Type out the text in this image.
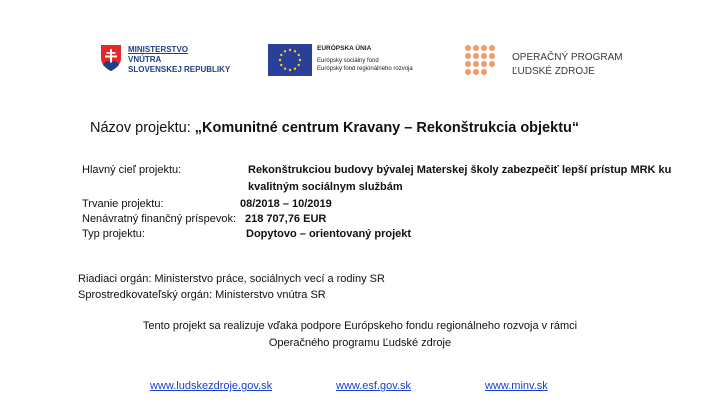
MINISTERSTVO
VNÚTRA
SLOVENSKEJ REPUBLIKY
EURÓPSKA ÚNIA
Európsky sociálny fond
Európsky fond regionálneho rozvoja
OPERAČNÝ PROGRAM
ĽUDSKÉ ZDROJE
Názov projektu: „Komunitné centrum Kravany – Rekonštrukcia objektu“
Hlavný cieľ projektu:	Rekonštrukciou budovy bývalej Materskej školy zabezpečiť lepší prístup MRK ku
kvalitným sociálnym službám
Trvanie projektu:	08/2018 – 10/2019
Nenávratný finančný príspevok: 218 707,76 EUR
Typ projektu:	Dopytovo – orientovaný projekt
Riadiaci orgán: Ministerstvo práce, sociálnych vecí a rodiny SR
Sprostredkovateľský orgán: Ministerstvo vnútra SR
Tento projekt sa realizuje vďaka podpore Európskeho fondu regionálneho rozvoja v rámci
Operačného programu Ľudské zdroje
www.ludskezdroje.gov.sk	www.esf.gov.sk	www.minv.sk
